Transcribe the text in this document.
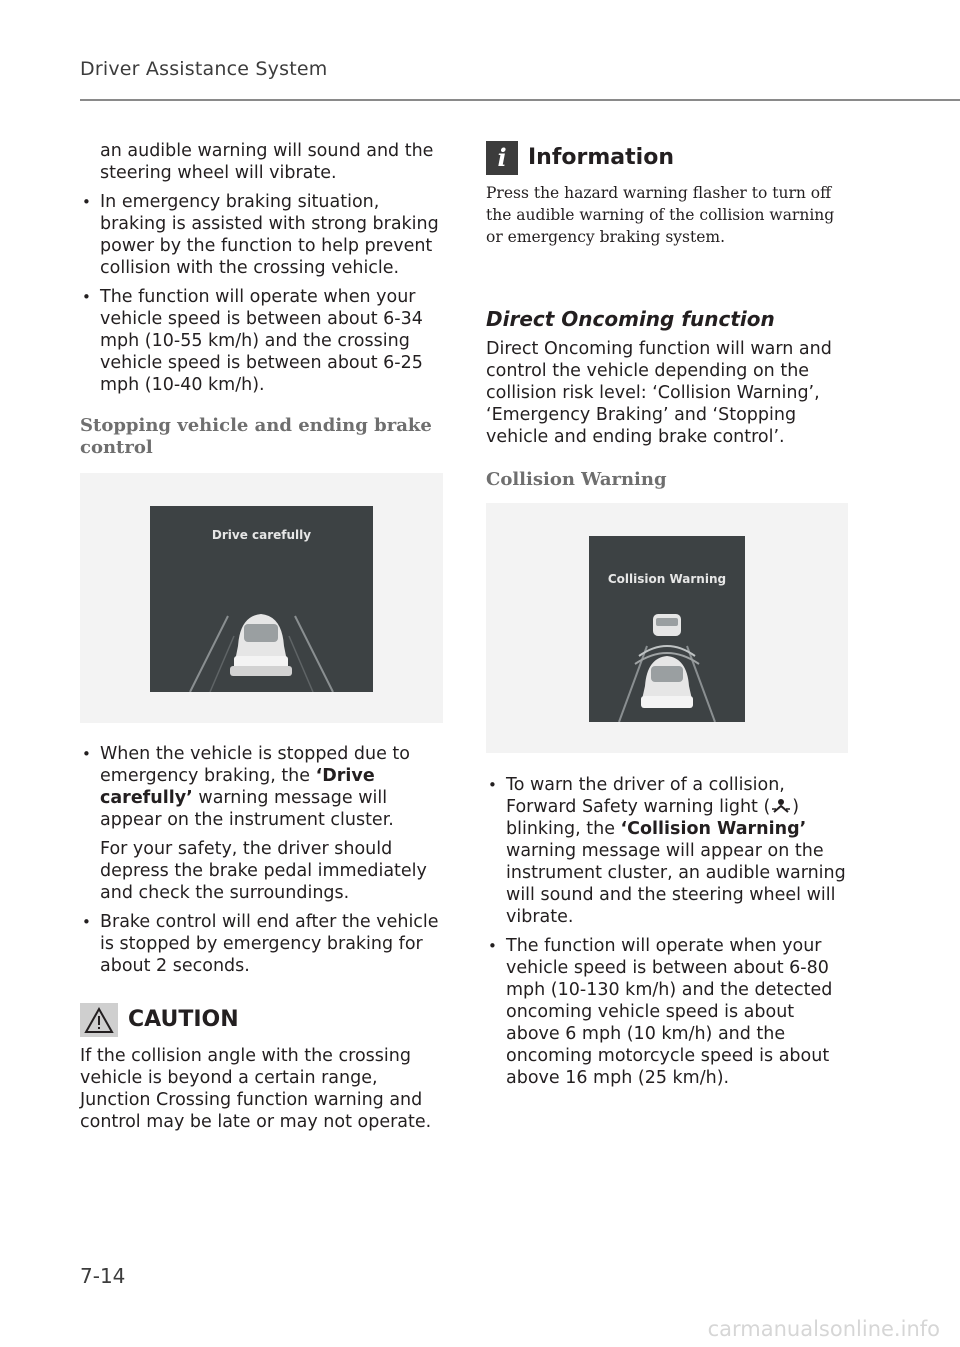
Driver Assistance System

an audible warning will sound and the steering wheel will vibrate.

• In emergency braking situation, braking is assisted with strong braking power by the function to help prevent collision with the crossing vehicle.

• The function will operate when your vehicle speed is between about 6-34 mph (10-55 km/h) and the crossing vehicle speed is between about 6-25 mph (10-40 km/h).

Stopping vehicle and ending brake control
Drive carefully

• When the vehicle is stopped due to emergency braking, the ‘Drive carefully’ warning message will appear on the instrument cluster.

For your safety, the driver should depress the brake pedal immediately and check the surroundings.

• Brake control will end after the vehicle is stopped by emergency braking for about 2 seconds.

CAUTION

If the collision angle with the crossing vehicle is beyond a certain range, Junction Crossing function warning and control may be late or may not operate.

i Information

Press the hazard warning flasher to turn off the audible warning of the collision warning or emergency braking system.

Direct Oncoming function

Direct Oncoming function will warn and control the vehicle depending on the collision risk level: ‘Collision Warning’, ‘Emergency Braking’ and ‘Stopping vehicle and ending brake control’.

Collision Warning
Collision Warning

• To warn the driver of a collision, Forward Safety warning light ( ) blinking, the ‘Collision Warning’ warning message will appear on the instrument cluster, an audible warning will sound and the steering wheel will vibrate.

• The function will operate when your vehicle speed is between about 6-80 mph (10-130 km/h) and the detected oncoming vehicle speed is about above 6 mph (10 km/h) and the oncoming motorcycle speed is about above 16 mph (25 km/h).

7-14
carmanualsonline.info
